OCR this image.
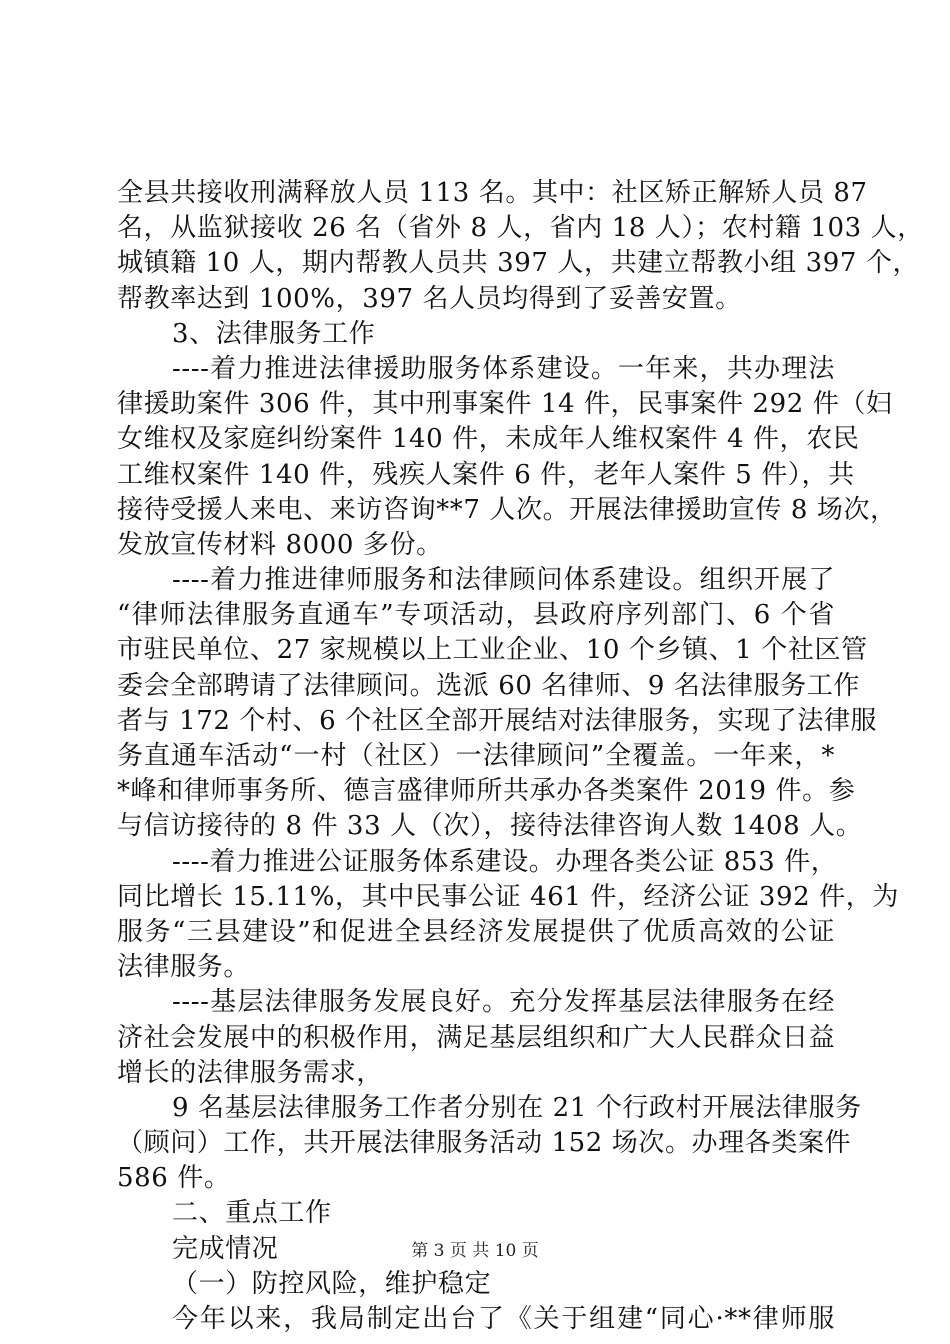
全县共接收刑满释放人员 113 名。其中：社区矫正解矫人员 87
名，从监狱接收 26 名（省外 8 人，省内 18 人）；农村籍 103 人，
城镇籍 10 人，期内帮教人员共 397 人，共建立帮教小组 397 个，
帮教率达到 100%，397 名人员均得到了妥善安置。
3、法律服务工作
----着力推进法律援助服务体系建设。一年来，共办理法
律援助案件 306 件，其中刑事案件 14 件，民事案件 292 件（妇
女维权及家庭纠纷案件 140 件，未成年人维权案件 4 件，农民
工维权案件 140 件，残疾人案件 6 件，老年人案件 5 件），共
接待受援人来电、来访咨询**7 人次。开展法律援助宣传 8 场次，
发放宣传材料 8000 多份。
----着力推进律师服务和法律顾问体系建设。组织开展了
“律师法律服务直通车”专项活动，县政府序列部门、6 个省
市驻民单位、27 家规模以上工业企业、10 个乡镇、1 个社区管
委会全部聘请了法律顾问。选派 60 名律师、9 名法律服务工作
者与 172 个村、6 个社区全部开展结对法律服务，实现了法律服
务直通车活动“一村（社区）一法律顾问”全覆盖。一年来，*
*峰和律师事务所、德言盛律师所共承办各类案件 2019 件。参
与信访接待的 8 件 33 人（次），接待法律咨询人数 1408 人。
----着力推进公证服务体系建设。办理各类公证 853 件，
同比增长 15.11%，其中民事公证 461 件，经济公证 392 件，为
服务“三县建设”和促进全县经济发展提供了优质高效的公证
法律服务。
----基层法律服务发展良好。充分发挥基层法律服务在经
济社会发展中的积极作用，满足基层组织和广大人民群众日益
增长的法律服务需求，
9 名基层法律服务工作者分别在 21 个行政村开展法律服务
（顾问）工作，共开展法律服务活动 152 场次。办理各类案件
586 件。
二、重点工作
完成情况
（一）防控风险，维护稳定
今年以来，我局制定出台了《关于组建“同心·**律师服
第 3 页 共 10 页
